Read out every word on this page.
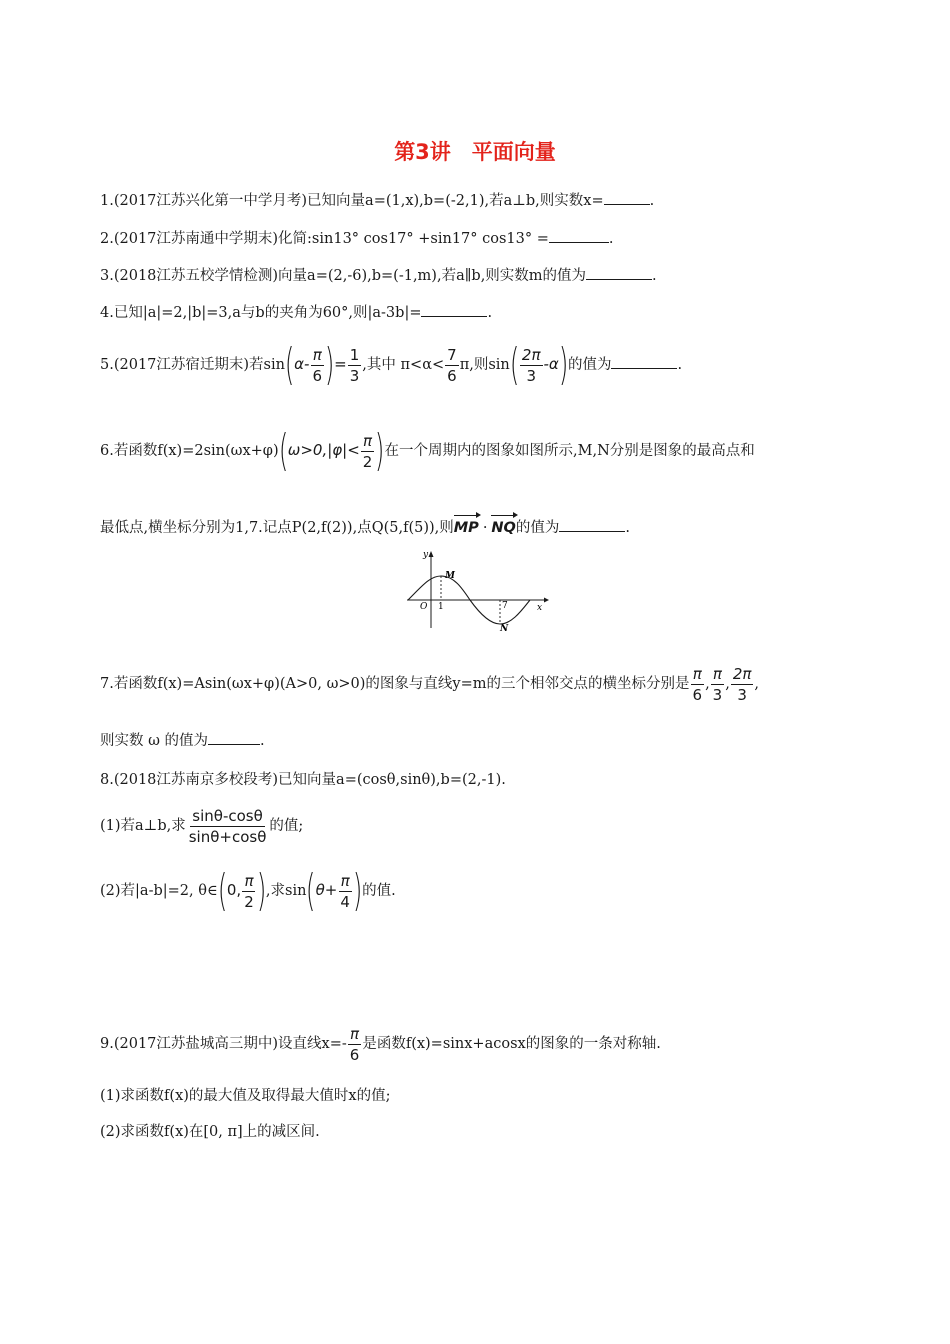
第3讲　平面向量
1.(2017江苏兴化第一中学月考)已知向量a=(1,x),b=(-2,1),若a⊥b,则实数x=	.
2.(2017江苏南通中学期末)化简:sin13° cos17° +sin17° cos13° =	.
3.(2018江苏五校学情检测)向量a=(2,-6),b=(-1,m),若a∥b,则实数m的值为	.
4.已知|a|=2,|b|=3,a与b的夹角为60°,则|a-3b|=	.
5.(2017江苏宿迁期末)若$\sin(\alpha- \frac{\pi}{6}$ )= $\frac{1}{3}$ ,其中 $\pi<\alpha< \frac{7}{6} \pi$,则$\sin( \frac{2\pi}{3} -\alpha)$的值为	.
6.若函数$f(x)=2\sin(\omega x+\varphi)(\omega>0,|\varphi|< \frac{\pi}{2}$ )在一个周期内的图象如图所示,M,N分别是图象的最高点和
最低点,横坐标分别为1,7.记点P(2,f(2)),点Q(5,f(5)),则MP · NQ的值为	.
y
O 1	7	x
M
N
7.若函数f(x)=Asin(ωx+φ)(A>0, ω>0)的图象与直线y=m的三个相邻交点的横坐标分别是 $\frac{\pi}{6}$ , $\frac{\pi}{3}$ , $\frac{2\pi}{3}$ ,
则实数 ω 的值为	.
8.(2018江苏南京多校段考)已知向量a=(cosθ,sinθ),b=(2,-1).
(1)若a⊥b,求 $\frac{\sin\theta-\cos\theta}{\sin\theta+\cos\theta}$ 的值;
(2)若|a-b|=2, θ∈(0, $\frac{\pi}{2}$ ),求$\sin(\theta+ \frac{\pi}{4}$ )的值.
9.(2017江苏盐城高三期中)设直线$x=- \frac{\pi}{6}$ 是函数f(x)=sinx+acosx的图象的一条对称轴.
(1)求函数f(x)的最大值及取得最大值时x的值;
(2)求函数f(x)在[0, π]上的减区间.
